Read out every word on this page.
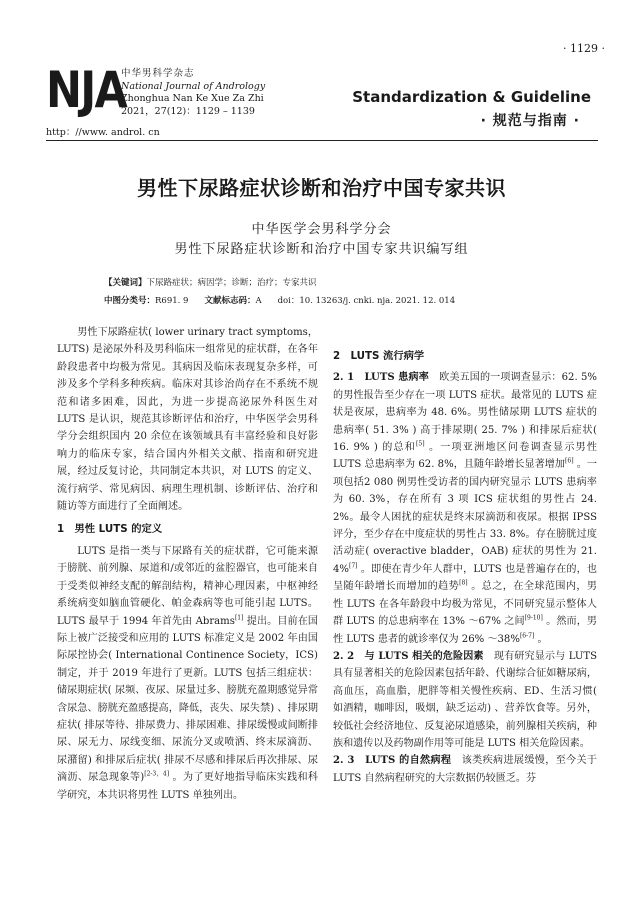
· 1129 ·
NJA
中华男科学杂志
National Journal of Andrology
Zhonghua Nan Ke Xue Za Zhi
2021，27(12)：1129 – 1139
http：//www. androl. cn
Standardization & Guideline
· 规范与指南 ·
男性下尿路症状诊断和治疗中国专家共识
中华医学会男科学分会
男性下尿路症状诊断和治疗中国专家共识编写组
【关键词】下尿路症状；病因学；诊断；治疗；专家共识
中图分类号：R691. 9 文献标志码：A doi：10. 13263/j. cnki. nja. 2021. 12. 014

男性下尿路症状( lower urinary tract symptoms，LUTS) 是泌尿外科及男科临床一组常见的症状群，在各年龄段患者中均极为常见。其病因及临床表现复杂多样，可涉及多个学科多种疾病。临床对其诊治尚存在不系统不规范和诸多困难，因此，为进一步提高泌尿外科医生对 LUTS 是认识，规范其诊断评估和治疗，中华医学会男科学分会组织国内 20 余位在该领域具有丰富经验和良好影响力的临床专家，结合国内外相关文献、指南和研究进展，经过反复讨论，共同制定本共识，对 LUTS 的定义、流行病学、常见病因、病理生理机制、诊断评估、治疗和随访等方面进行了全面阐述。

1　男性 LUTS 的定义

LUTS 是指一类与下尿路有关的症状群，它可能来源于膀胱、前列腺、尿道和/或邻近的盆腔器官，也可能来自于受类似神经支配的解剖结构，精神心理因素，中枢神经系统病变如脑血管硬化、帕金森病等也可能引起 LUTS。LUTS 最早于 1994 年首先由 Abrams[1] 提出。目前在国际上被广泛接受和应用的 LUTS 标准定义是 2002 年由国际尿控协会( International Continence Society，ICS) 制定，并于 2019 年进行了更新。LUTS 包括三组症状：储尿期症状( 尿频、夜尿、尿量过多、膀胱充盈期感觉异常含尿急、膀胱充盈感提高，降低，丧失、尿失禁) 、排尿期症状( 排尿等待、排尿费力、排尿困难、排尿缓慢或间断排尿、尿无力、尿线变细、尿流分叉或喷洒、终末尿滴沥、尿潴留) 和排尿后症状( 排尿不尽感和排尿后再次排尿、尿滴沥、尿急现象等)[2-3，4] 。为了更好地指导临床实践和科学研究，本共识将男性 LUTS 单独列出。

2　LUTS 流行病学

2. 1　LUTS 患病率　欧美五国的一项调查显示：62. 5% 的男性报告至少存在一项 LUTS 症状。最常见的 LUTS 症状是夜尿，患病率为 48. 6%。男性储尿期 LUTS 症状的患病率( 51. 3% ) 高于排尿期( 25. 7% ) 和排尿后症状( 16. 9% ) 的总和[5] 。一项亚洲地区问卷调查显示男性 LUTS 总患病率为 62. 8%，且随年龄增长显著增加[6] 。一项包括2 080 例男性受访者的国内研究显示 LUTS 患病率为 60. 3%，存在所有 3 项 ICS 症状组的男性占 24. 2%。最令人困扰的症状是终末尿滴沥和夜尿。根据 IPSS 评分，至少存在中度症状的男性占 33. 8%。存在膀胱过度活动症( overactive bladder，OAB) 症状的男性为 21. 4%[7] 。即使在青少年人群中，LUTS 也是普遍存在的，也呈随年龄增长而增加的趋势[8] 。总之，在全球范围内，男性 LUTS 在各年龄段中均极为常见，不同研究显示整体人群 LUTS 的总患病率在 13% ～67% 之间[9-10] 。然而，男性 LUTS 患者的就诊率仅为 26% ～38%[6-7] 。

2. 2　与 LUTS 相关的危险因素　现有研究显示与 LUTS 具有显著相关的危险因素包括年龄、代谢综合征如糖尿病，高血压，高血脂，肥胖等相关慢性疾病、ED、生活习惯( 如酒精，咖啡因，吸烟，缺乏运动) 、营养饮食等。另外，较低社会经济地位、反复泌尿道感染，前列腺相关疾病，种族和遗传以及药物副作用等可能是 LUTS 相关危险因素。

2. 3　LUTS 的自然病程　该类疾病进展缓慢，至今关于 LUTS 自然病程研究的大宗数据仍较匮乏。芬
